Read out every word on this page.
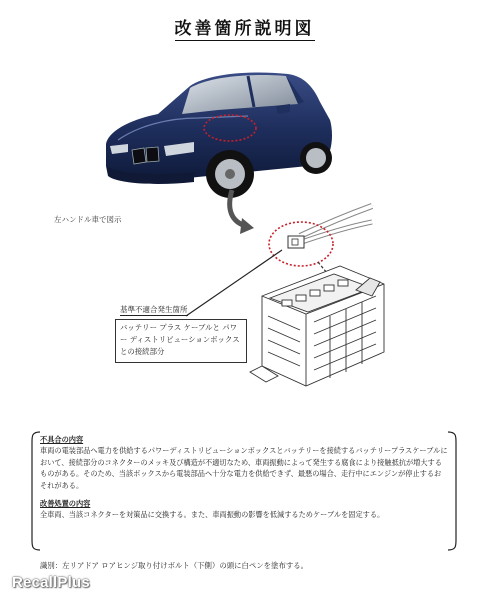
改善箇所説明図
左ハンドル車で図示
基準不適合発生箇所
バッテリー プラス ケーブルと パワー ディストリビューションボックスとの接続部分

不具合の内容

車両の電装部品へ電力を供給するパワーディストリビューションボックスとバッテリーを接続するバッテリープラスケーブルにおいて、接続部分のコネクターのメッキ及び構造が不適切なため、車両振動によって発生する腐食により接触抵抗が増大するものがある。そのため、当該ボックスから電装部品へ十分な電力を供給できず、最悪の場合、走行中にエンジンが停止するおそれがある。

改善処置の内容

全車両、当該コネクターを対策品に交換する。また、車両振動の影響を低減するためケーブルを固定する。

識別：左リアドア ロアヒンジ取り付けボルト（下側）の頭に白ペンを塗布する。
RecallPlus
